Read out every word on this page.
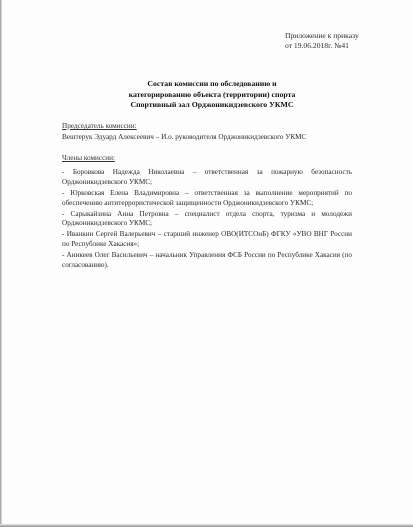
Приложение к приказу
от 19.06.2018г. №41
Состав комиссии по обследованию и
категорированию объекта (территории) спорта
Спортивный зал Орджоникидзевского УКМС
Председатель комиссии:
Вештерук Эдуард Алексеевич – И.о. руководителя Орджоникидзевского УКМС
Члены комиссии:

- Боровкова Надежда Николаевна – ответственная за пожарную безопасность Орджоникидзевского УКМС;

- Юрковская Елена Владимировна – ответственная за выполнение мероприятий по обеспечению антитеррористической защищенности Орджоникидзевского УКМС;

- Сарыкайзина Анна Петровна – специалист отдела спорта, туризма и молодежи Орджоникидзевского УКМС;

- Иванкин Сергей Валерьевич – старший инженер ОВО(ИТСОиБ) ФГКУ «УВО ВНГ России по Республике Хакасия»;

- Аникеев Олег Васильевич – начальник Управления ФСБ России по Республике Хакасия (по согласованию).
